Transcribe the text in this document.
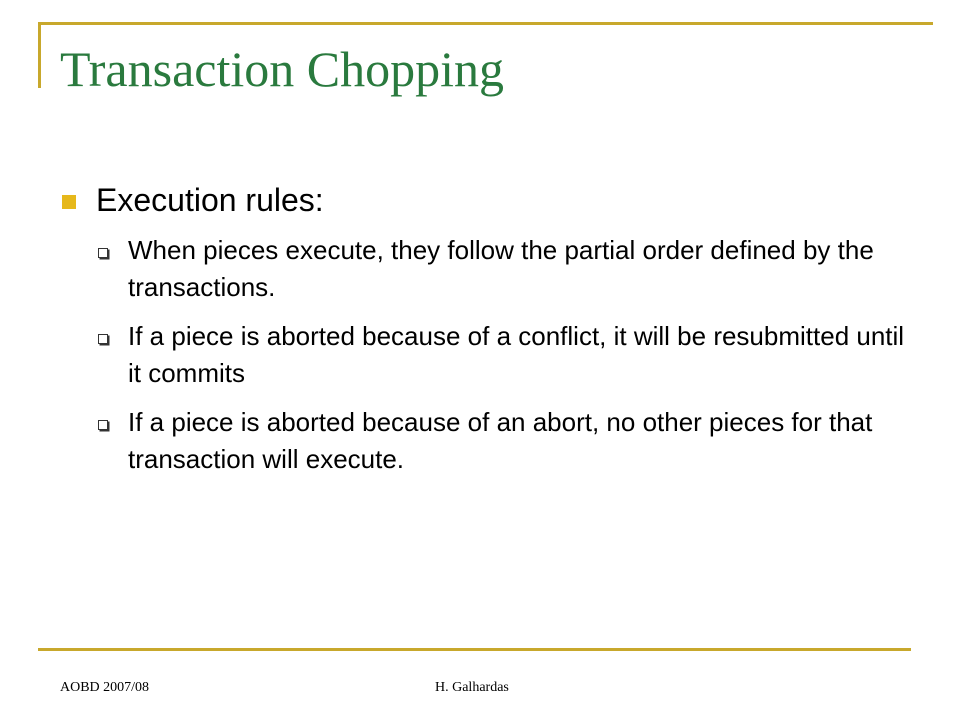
Transaction Chopping
Execution rules:
When pieces execute, they follow the partial order defined by the transactions.
If a piece is aborted because of a conflict, it will be resubmitted until it commits
If a piece is aborted because of an abort, no other pieces for that transaction will execute.
AOBD 2007/08	H. Galhardas
